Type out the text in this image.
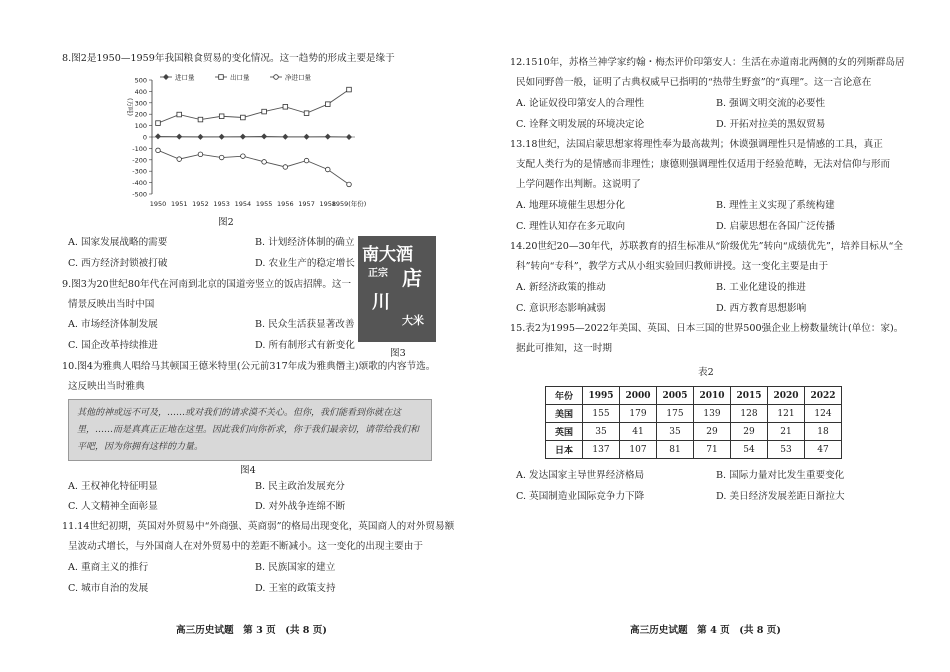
8.图2是1950—1959年我国粮食贸易的变化情况。这一趋势的形成主要是缘于
-500
-400
-300
-200
-100
0
100
200
300
400
500
(万吨)
1950 1951 1952 1953 1954 1955 1956 1957 1958
1959(年份)
进口量	出口量	净进口量
图2
A. 国家发展战略的需要	B. 计划经济体制的确立
C. 西方经济封锁被打破	D. 农业生产的稳定增长
9.图3为20世纪80年代在河南到北京的国道旁竖立的饭店招牌。这一
情景反映出当时中国
A. 市场经济体制发展	B. 民众生活获显著改善
C. 国企改革持续推进	D. 所有制形式有新变化
南大酒
店
正宗
川
大米
图3
10.图4为雅典人唱给马其顿国王德米特里(公元前317年成为雅典僭主)颂歌的内容节选。
这反映出当时雅典
其他的神或远不可及，……或对我们的请求漠不关心。但你，我们能看到你就在这
里，……而是真真正正地在这里。因此我们向你祈求，你于我们最亲切，请带给我们和
平吧，因为你拥有这样的力量。
图4
A. 王权神化特征明显	B. 民主政治发展充分
C. 人文精神全面彰显	D. 对外战争连绵不断
11.14世纪初期，英国对外贸易中“外商强、英商弱”的格局出现变化，英国商人的对外贸易额
呈波动式增长，与外国商人在对外贸易中的差距不断减小。这一变化的出现主要由于
A. 重商主义的推行	B. 民族国家的建立
C. 城市自治的发展	D. 王室的政策支持
高三历史试题　第 3 页　(共 8 页)
12.1510年，苏格兰神学家约翰・梅杰评价印第安人：生活在赤道南北两侧的女的列斯群岛居
民如同野兽一般，证明了古典权威早已指明的“热带生野蛮”的“真理”。这一言论意在
A. 论证奴役印第安人的合理性	B. 强调文明交流的必要性
C. 诠释文明发展的环境决定论	D. 开拓对拉美的黑奴贸易
13.18世纪，法国启蒙思想家将理性奉为最高裁判；休谟强调理性只是情感的工具，真正
支配人类行为的是情感而非理性；康德则强调理性仅适用于经验范畴，无法对信仰与形而
上学问题作出判断。这说明了
A. 地理环境催生思想分化	B. 理性主义实现了系统构建
C. 理性认知存在多元取向	D. 启蒙思想在各国广泛传播
14.20世纪20—30年代，苏联教育的招生标准从“阶级优先”转向“成绩优先”，培养目标从“全
科”转向“专科”，教学方式从小组实验回归教师讲授。这一变化主要是由于
A. 新经济政策的推动	B. 工业化建设的推进
C. 意识形态影响减弱	D. 西方教育思想影响
15.表2为1995—2022年美国、英国、日本三国的世界500强企业上榜数量统计(单位：家)。
据此可推知，这一时期
表2
年份	1995	2000	2005	2010	2015	2020	2022
美国	155	179	175	139	128	121	124
英国	35	41	35	29	29	21	18
日本	137	107	81	71	54	53	47
A. 发达国家主导世界经济格局	B. 国际力量对比发生重要变化
C. 英国制造业国际竞争力下降	D. 美日经济发展差距日渐拉大
高三历史试题　第 4 页　(共 8 页)
